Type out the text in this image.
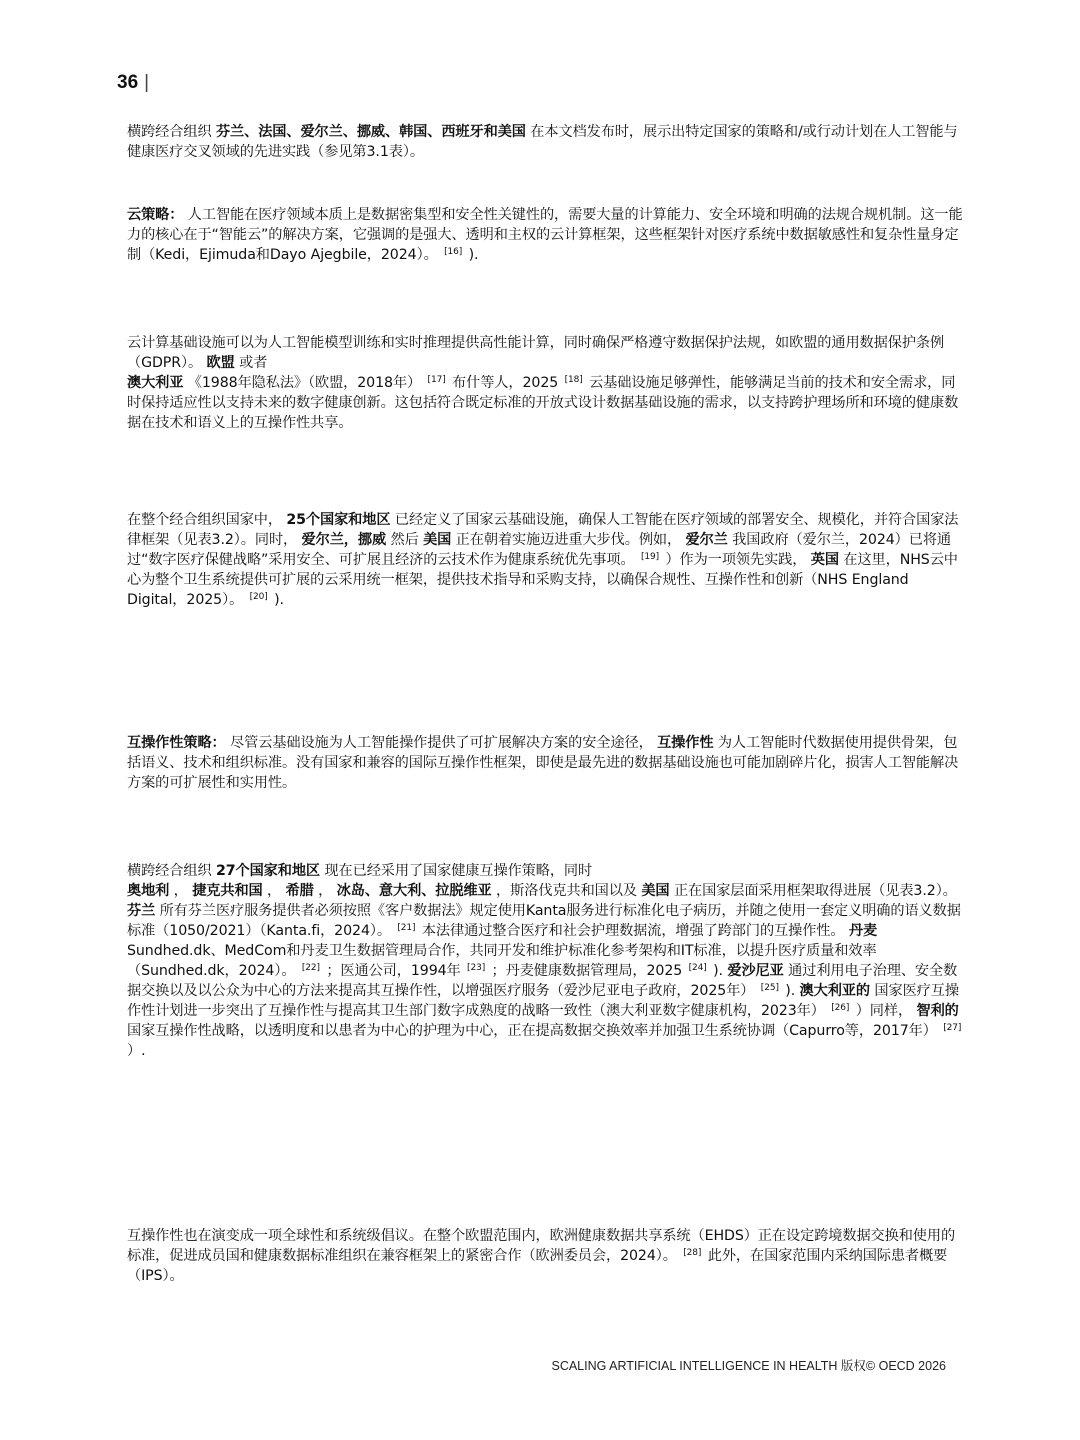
36 |

横跨经合组织 芬兰、法国、爱尔兰、挪威、韩国、西班牙和美国 在本文档发布时，展示出特定国家的策略和/或行动计划在人工智能与健康医疗交叉领域的先进实践（参见第3.1表）。

云策略： 人工智能在医疗领域本质上是数据密集型和安全性关键性的，需要大量的计算能力、安全环境和明确的法规合规机制。这一能力的核心在于“智能云”的解决方案，它强调的是强大、透明和主权的云计算框架，这些框架针对医疗系统中数据敏感性和复杂性量身定制（Kedi，Ejimuda和Dayo Ajegbile，2024）。 [16] ).

云计算基础设施可以为人工智能模型训练和实时推理提供高性能计算，同时确保严格遵守数据保护法规，如欧盟的通用数据保护条例（GDPR）。 欧盟 或者
澳大利亚 《1988年隐私法》（欧盟，2018年） [17] 布什等人，2025 [18] 云基础设施足够弹性，能够满足当前的技术和安全需求，同时保持适应性以支持未来的数字健康创新。这包括符合既定标准的开放式设计数据基础设施的需求，以支持跨护理场所和环境的健康数据在技术和语义上的互操作性共享。

在整个经合组织国家中， 25个国家和地区 已经定义了国家云基础设施，确保人工智能在医疗领域的部署安全、规模化，并符合国家法律框架（见表3.2）。同时， 爱尔兰，挪威 然后 美国 正在朝着实施迈进重大步伐。例如， 爱尔兰 我国政府（爱尔兰，2024）已将通过“数字医疗保健战略”采用安全、可扩展且经济的云技术作为健康系统优先事项。 [19] ）作为一项领先实践， 英国 在这里，NHS云中心为整个卫生系统提供可扩展的云采用统一框架，提供技术指导和采购支持，以确保合规性、互操作性和创新（NHS England Digital，2025）。 [20] ).

互操作性策略： 尽管云基础设施为人工智能操作提供了可扩展解决方案的安全途径， 互操作性 为人工智能时代数据使用提供骨架，包括语义、技术和组织标准。没有国家和兼容的国际互操作性框架，即使是最先进的数据基础设施也可能加剧碎片化，损害人工智能解决方案的可扩展性和实用性。

横跨经合组织 27个国家和地区 现在已经采用了国家健康互操作策略，同时
奥地利 ， 捷克共和国 ， 希腊 ， 冰岛、意大利、拉脱维亚 ，斯洛伐克共和国以及 美国 正在国家层面采用框架取得进展（见表3.2）。 芬兰 所有芬兰医疗服务提供者必须按照《客户数据法》规定使用Kanta服务进行标准化电子病历，并随之使用一套定义明确的语义数据标准（1050/2021）（Kanta.fi，2024）。 [21] 本法律通过整合医疗和社会护理数据流，增强了跨部门的互操作性。 丹麦 Sundhed.dk、MedCom和丹麦卫生数据管理局合作，共同开发和维护标准化参考架构和IT标准，以提升医疗质量和效率（Sundhed.dk，2024）。 [22] ；医通公司，1994年 [23] ；丹麦健康数据管理局，2025 [24] ). 爱沙尼亚 通过利用电子治理、安全数据交换以及以公众为中心的方法来提高其互操作性，以增强医疗服务（爱沙尼亚电子政府，2025年） [25] ). 澳大利亚的 国家医疗互操作性计划进一步突出了互操作性与提高其卫生部门数字成熟度的战略一致性（澳大利亚数字健康机构，2023年） [26] ）同样， 智利的 国家互操作性战略，以透明度和以患者为中心的护理为中心，正在提高数据交换效率并加强卫生系统协调（Capurro等，2017年） [27] ）.

互操作性也在演变成一项全球性和系统级倡议。在整个欧盟范围内，欧洲健康数据共享系统（EHDS）正在设定跨境数据交换和使用的标准，促进成员国和健康数据标准组织在兼容框架上的紧密合作（欧洲委员会，2024）。 [28] 此外，在国家范围内采纳国际患者概要（IPS）。

SCALING ARTIFICIAL INTELLIGENCE IN HEALTH 版权© OECD 2026
